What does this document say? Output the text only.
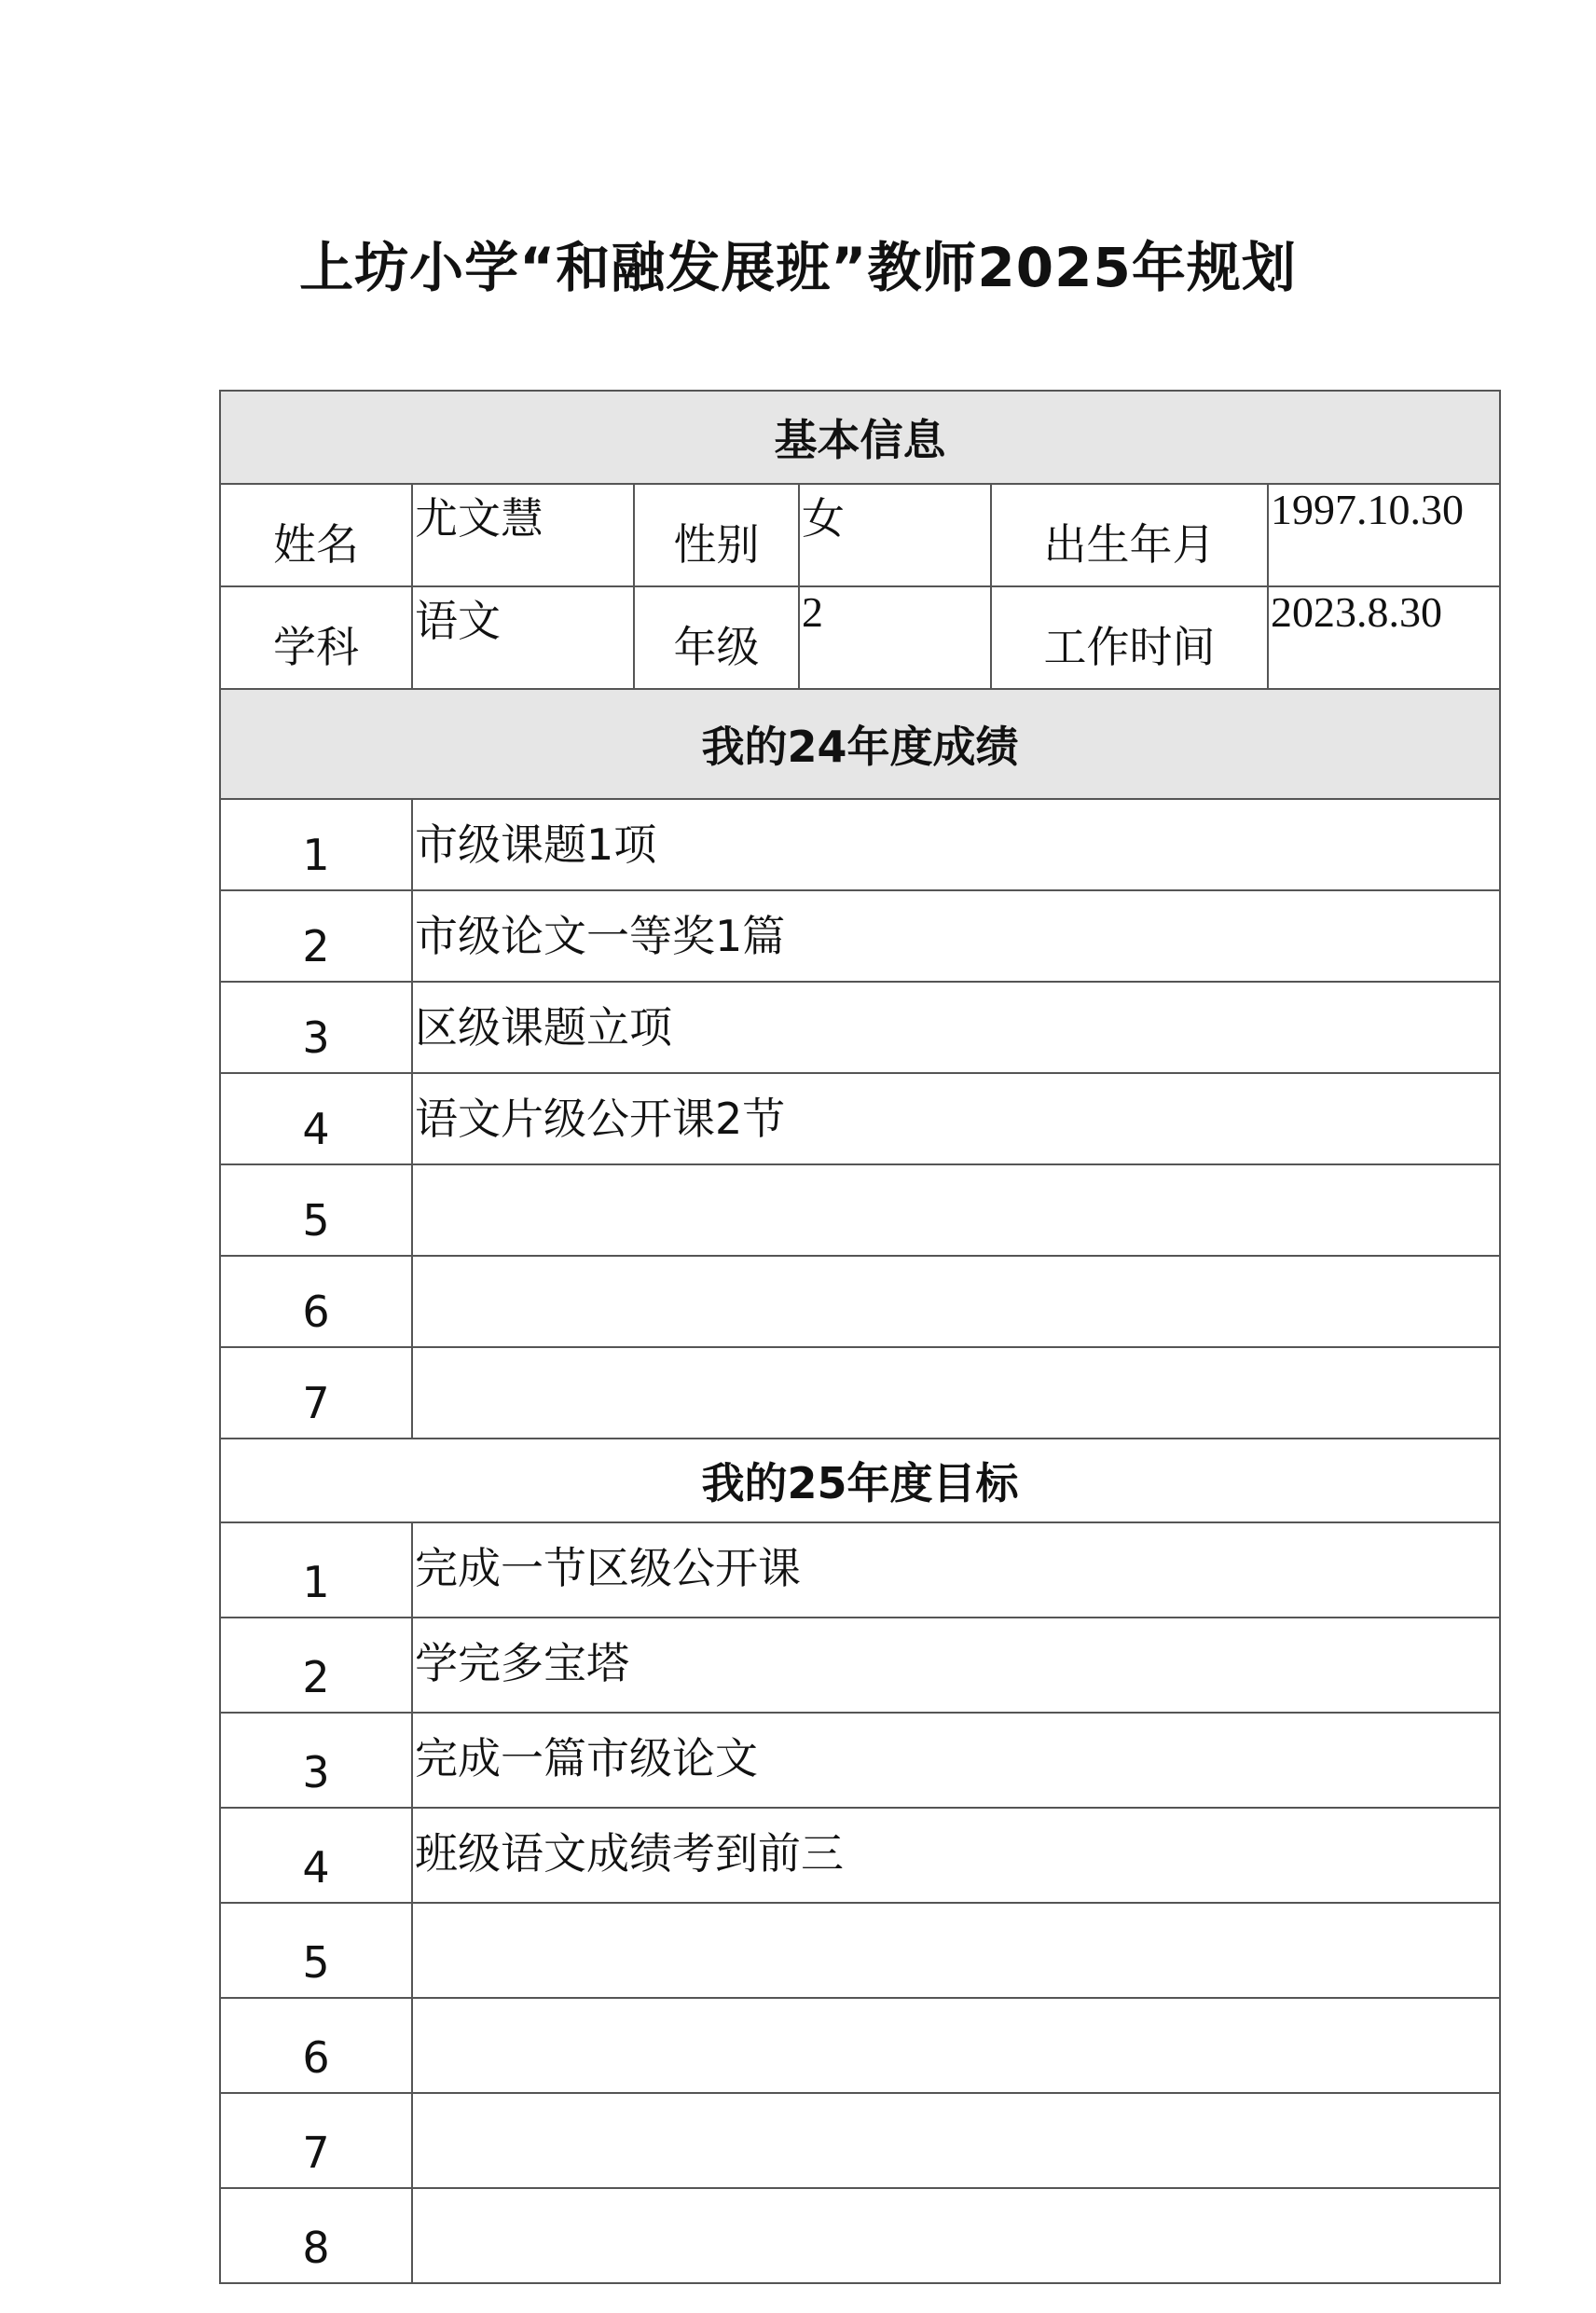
上坊小学“和融发展班”教师2025年规划
基本信息					
姓名	尤文慧	性别	女	出生年月	1997.10.30
学科	语文	年级	2	工作时间	2023.8.30
我的24年度成绩					
1	市级课题1项				
2	市级论文一等奖1篇				
3	区级课题立项				
4	语文片级公开课2节				
5					
6					
7					
我的25年度目标					
1	完成一节区级公开课				
2	学完多宝塔				
3	完成一篇市级论文				
4	班级语文成绩考到前三				
5					
6					
7					
8					
